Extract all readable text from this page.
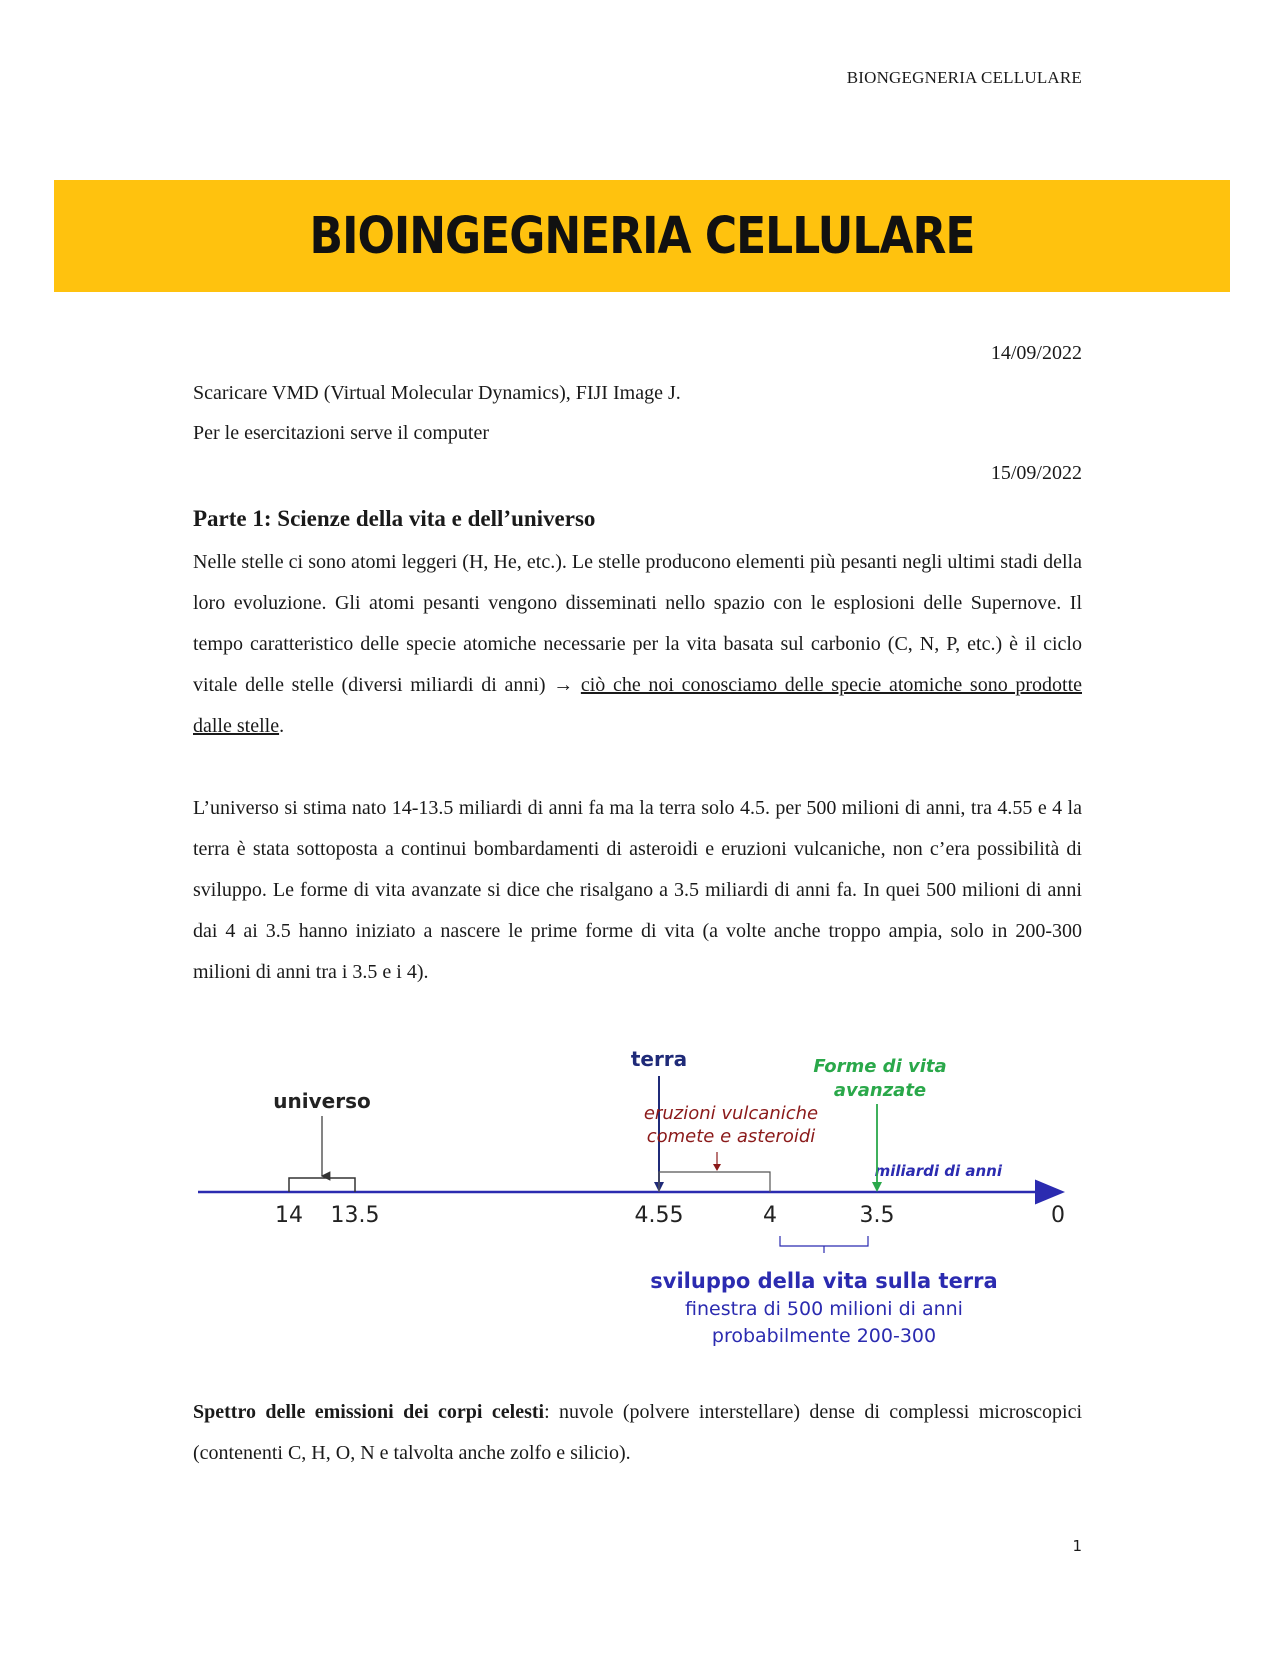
BIONGEGNERIA CELLULARE
BIOINGEGNERIA CELLULARE
14/09/2022
Scaricare VMD (Virtual Molecular Dynamics), FIJI Image J.
Per le esercitazioni serve il computer
15/09/2022
Parte 1: Scienze della vita e dell’universo

Nelle stelle ci sono atomi leggeri (H, He, etc.). Le stelle producono elementi più pesanti negli ultimi stadi della loro evoluzione. Gli atomi pesanti vengono disseminati nello spazio con le esplosioni delle Supernove. Il tempo caratteristico delle specie atomiche necessarie per la vita basata sul carbonio (C, N, P, etc.) è il ciclo vitale delle stelle (diversi miliardi di anni) → ciò che noi conosciamo delle specie atomiche sono prodotte dalle stelle.

L’universo si stima nato 14-13.5 miliardi di anni fa ma la terra solo 4.5. per 500 milioni di anni, tra 4.55 e 4 la terra è stata sottoposta a continui bombardamenti di asteroidi e eruzioni vulcaniche, non c’era possibilità di sviluppo. Le forme di vita avanzate si dice che risalgano a 3.5 miliardi di anni fa. In quei 500 milioni di anni dai 4 ai 3.5 hanno iniziato a nascere le prime forme di vita (a volte anche troppo ampia, solo in 200-300 milioni di anni tra i 3.5 e i 4).

miliardi di anni
14 13.5	4.55	4	3.5	0
universo
terra
eruzioni vulcaniche
comete e asteroidi
Forme di vita
avanzate
sviluppo della vita sulla terra
finestra di 500 milioni di anni
probabilmente 200-300

Spettro delle emissioni dei corpi celesti: nuvole (polvere interstellare) dense di complessi microscopici (contenenti C, H, O, N e talvolta anche zolfo e silicio).

1
